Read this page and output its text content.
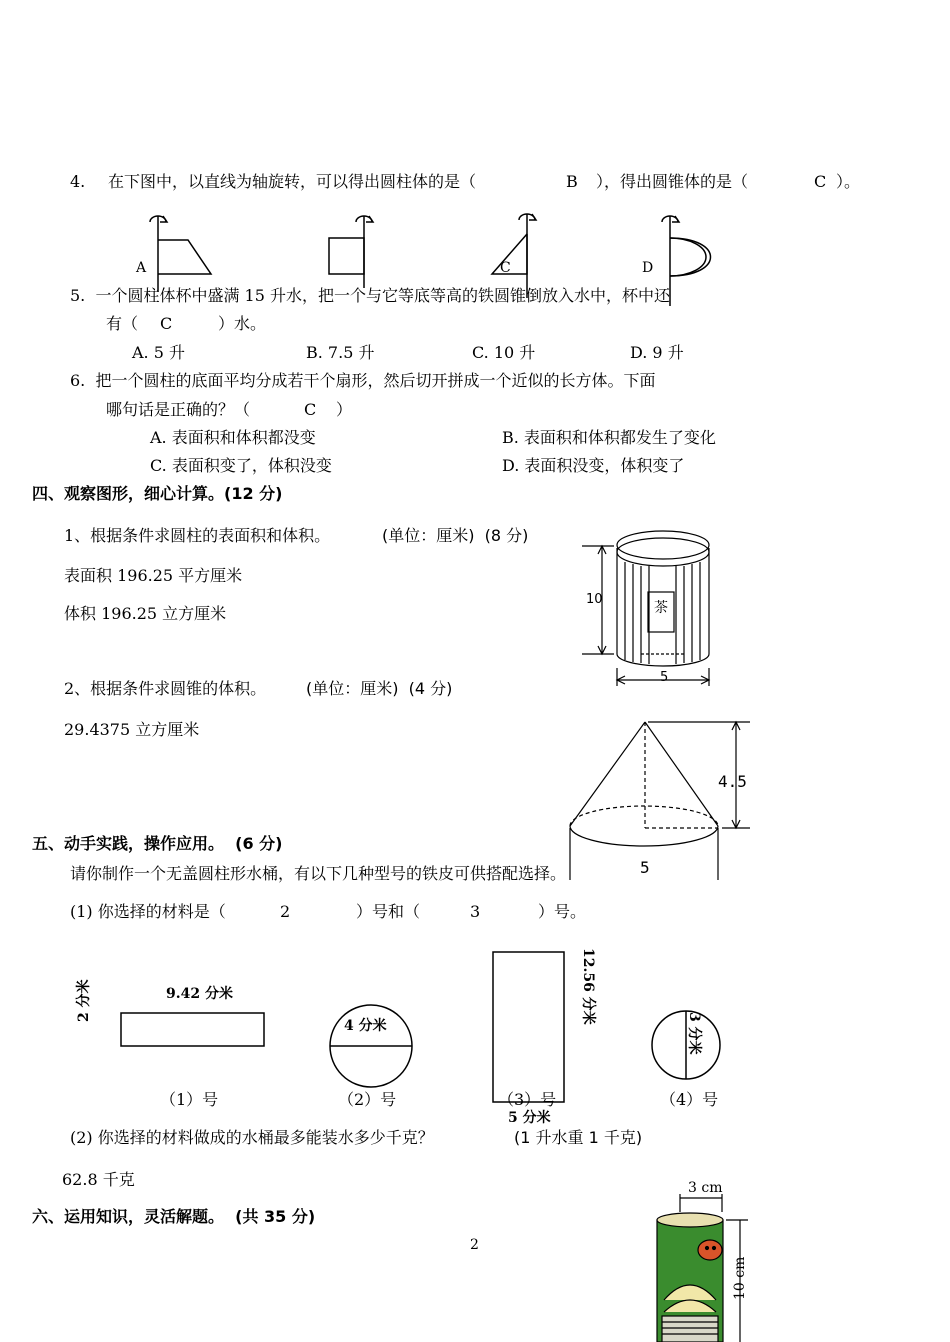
4. 在下图中，以直线为轴旋转，可以得出圆柱体的是（	B ），得出圆锥体的是（	C ）。
A	C	D
5.  一个圆柱体杯中盛满 15 升水，把一个与它等底等高的铁圆锥倒放入水中，杯中还
有（ C	）水。
A. 5 升	B. 7.5 升	C. 10 升	D. 9 升
6.  把一个圆柱的底面平均分成若干个扇形，然后切开拼成一个近似的长方体。下面
哪句话是正确的？（	C ）
A. 表面积和体积都没变	B. 表面积和体积都发生了变化
C. 表面积变了，体积没变	D. 表面积没变，体积变了
四、观察图形，细心计算。(12 分)
1、根据条件求圆柱的表面积和体积。	(单位：厘米)  (8 分)
表面积 196.25 平方厘米
体积 196.25 立方厘米
10
5
茶
2、根据条件求圆锥的体积。 (单位：厘米)  (4 分)
29.4375 立方厘米
4.5
5
五、动手实践，操作应用。  (6 分)
请你制作一个无盖圆柱形水桶，有以下几种型号的铁皮可供搭配选择。
(1) 你选择的材料是（	2	）号和（	3	）号。
9.42 分米
2 分米
4 分米
12.56 分米
5 分米
3 分米
（1）号	（2）号	（3）号	（4）号
(2) 你选择的材料做成的水桶最多能装水多少千克？	(1 升水重 1 千克)
62.8 千克
六、运用知识，灵活解题。  (共 35 分)
2
3 cm
10 cm
